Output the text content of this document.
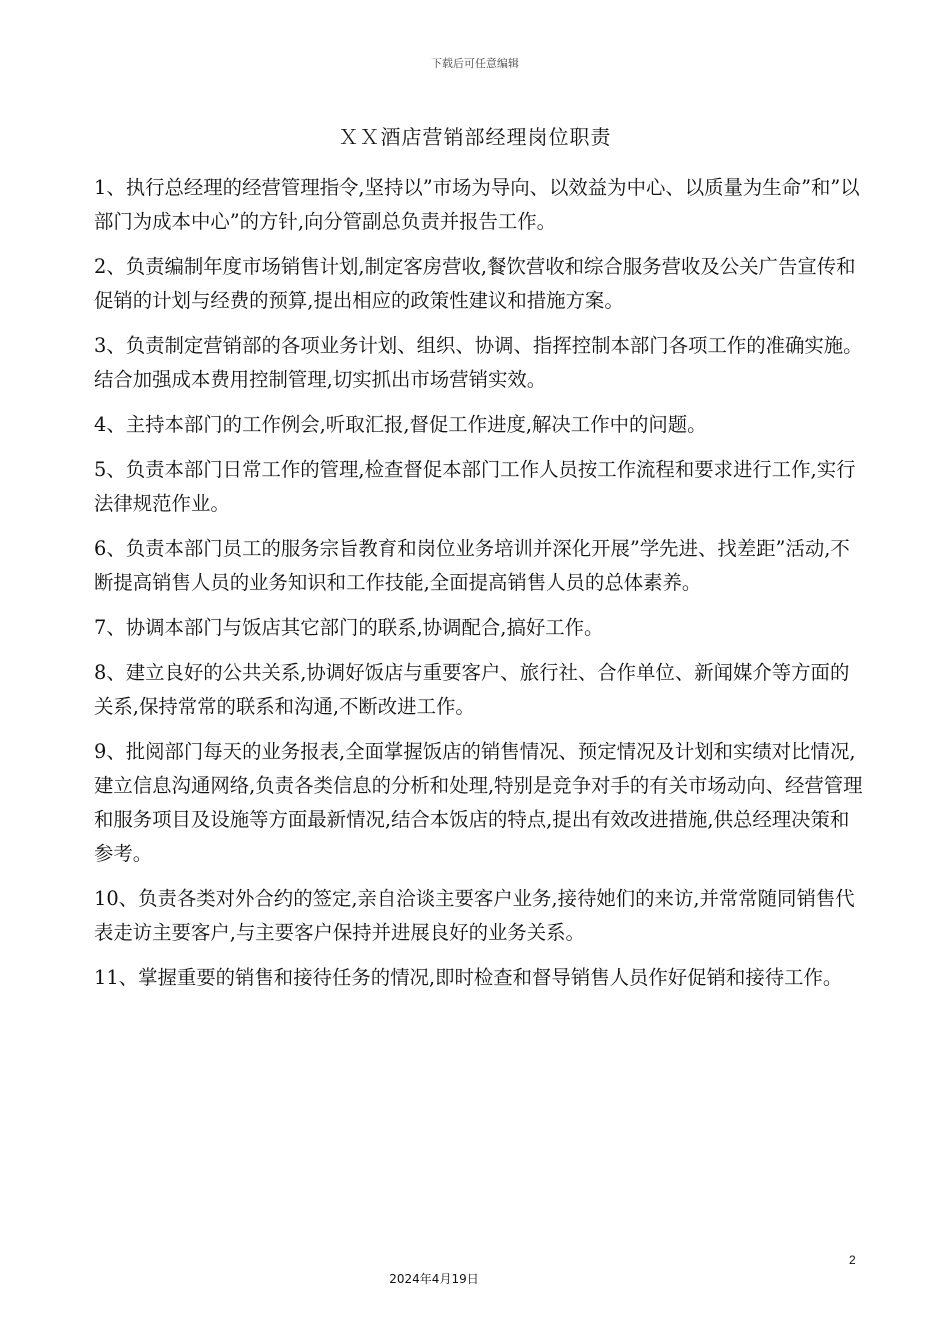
下载后可任意编辑
ＸＸ酒店营销部经理岗位职责

1、执行总经理的经营管理指令,坚持以”市场为导向、以效益为中心、以质量为生命”和”以部门为成本中心”的方针,向分管副总负责并报告工作。

2、负责编制年度市场销售计划,制定客房营收,餐饮营收和综合服务营收及公关广告宣传和促销的计划与经费的预算,提出相应的政策性建议和措施方案。

3、负责制定营销部的各项业务计划、组织、协调、指挥控制本部门各项工作的准确实施。结合加强成本费用控制管理,切实抓出市场营销实效。

4、主持本部门的工作例会,听取汇报,督促工作进度,解决工作中的问题。

5、负责本部门日常工作的管理,检查督促本部门工作人员按工作流程和要求进行工作,实行法律规范作业。

6、负责本部门员工的服务宗旨教育和岗位业务培训并深化开展”学先进、找差距”活动,不断提高销售人员的业务知识和工作技能,全面提高销售人员的总体素养。

7、协调本部门与饭店其它部门的联系,协调配合,搞好工作。

8、建立良好的公共关系,协调好饭店与重要客户、旅行社、合作单位、新闻媒介等方面的关系,保持常常的联系和沟通,不断改进工作。

9、批阅部门每天的业务报表,全面掌握饭店的销售情况、预定情况及计划和实绩对比情况,建立信息沟通网络,负责各类信息的分析和处理,特别是竞争对手的有关市场动向、经营管理和服务项目及设施等方面最新情况,结合本饭店的特点,提出有效改进措施,供总经理决策和参考。

10、负责各类对外合约的签定,亲自洽谈主要客户业务,接待她们的来访,并常常随同销售代表走访主要客户,与主要客户保持并进展良好的业务关系。

11、掌握重要的销售和接待任务的情况,即时检查和督导销售人员作好促销和接待工作。

2
2024年4月19日
